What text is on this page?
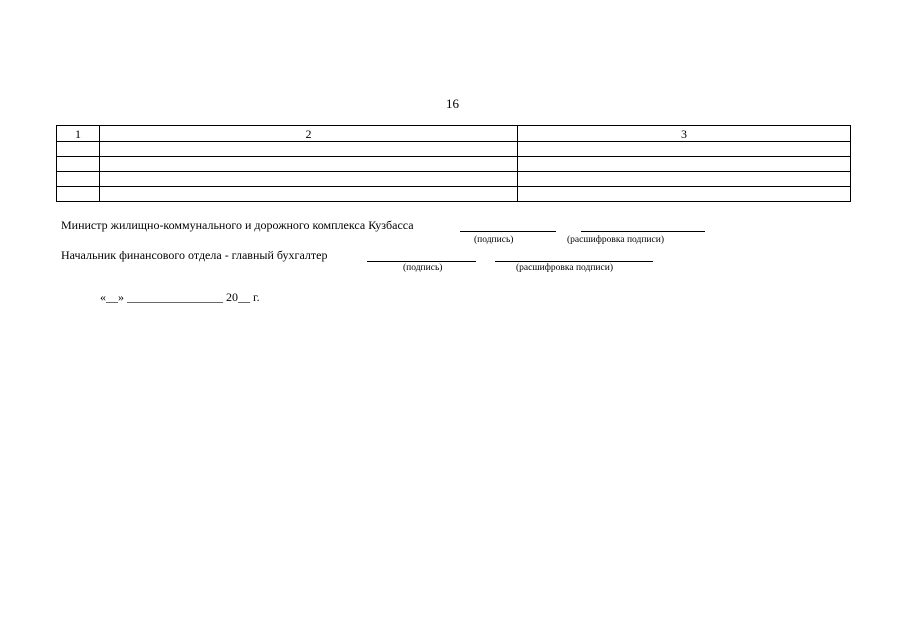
16
1	2	3

Министр жилищно-коммунального и дорожного комплекса Кузбасса
(подпись)	(расшифровка подписи)
Начальник финансового отдела - главный бухгалтер
(подпись)	(расшифровка подписи)
«__» ________________ 20__ г.
